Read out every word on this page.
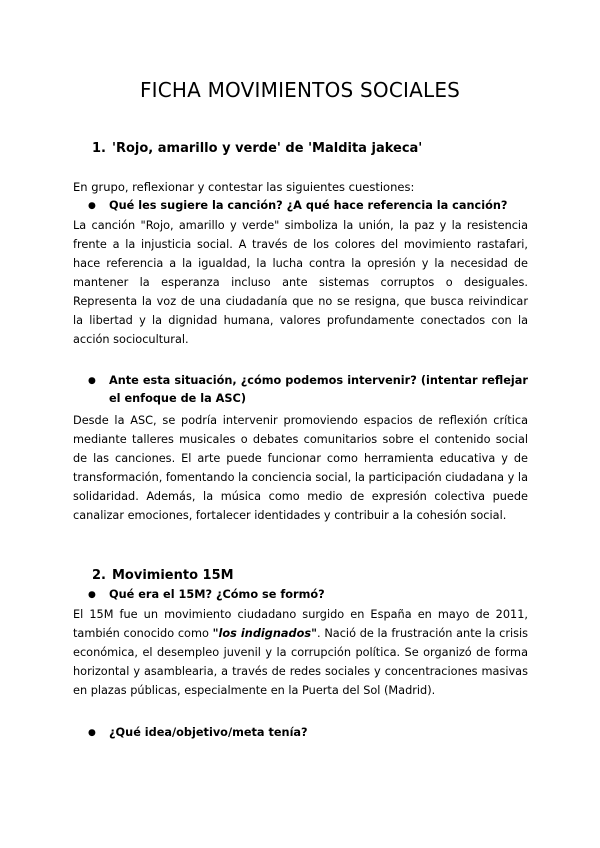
FICHA MOVIMIENTOS SOCIALES
1. 'Rojo, amarillo y verde' de 'Maldita jakeca'
En grupo, reflexionar y contestar las siguientes cuestiones:
●	Qué les sugiere la canción? ¿A qué hace referencia la canción?
La canción "Rojo, amarillo y verde" simboliza la unión, la paz y la resistencia frente a la injusticia social. A través de los colores del movimiento rastafari, hace referencia a la igualdad, la lucha contra la opresión y la necesidad de mantener la esperanza incluso ante sistemas corruptos o desiguales. Representa la voz de una ciudadanía que no se resigna, que busca reivindicar la libertad y la dignidad humana, valores profundamente conectados con la acción sociocultural.
●	Ante esta situación, ¿cómo podemos intervenir? (intentar reflejar el enfoque de la ASC)
Desde la ASC, se podría intervenir promoviendo espacios de reflexión crítica mediante talleres musicales o debates comunitarios sobre el contenido social de las canciones. El arte puede funcionar como herramienta educativa y de transformación, fomentando la conciencia social, la participación ciudadana y la solidaridad. Además, la música como medio de expresión colectiva puede canalizar emociones, fortalecer identidades y contribuir a la cohesión social.
2. Movimiento 15M
●	Qué era el 15M? ¿Cómo se formó?
El 15M fue un movimiento ciudadano surgido en España en mayo de 2011, también conocido como "los indignados". Nació de la frustración ante la crisis económica, el desempleo juvenil y la corrupción política. Se organizó de forma horizontal y asamblearia, a través de redes sociales y concentraciones masivas en plazas públicas, especialmente en la Puerta del Sol (Madrid).
●	¿Qué idea/objetivo/meta tenía?
